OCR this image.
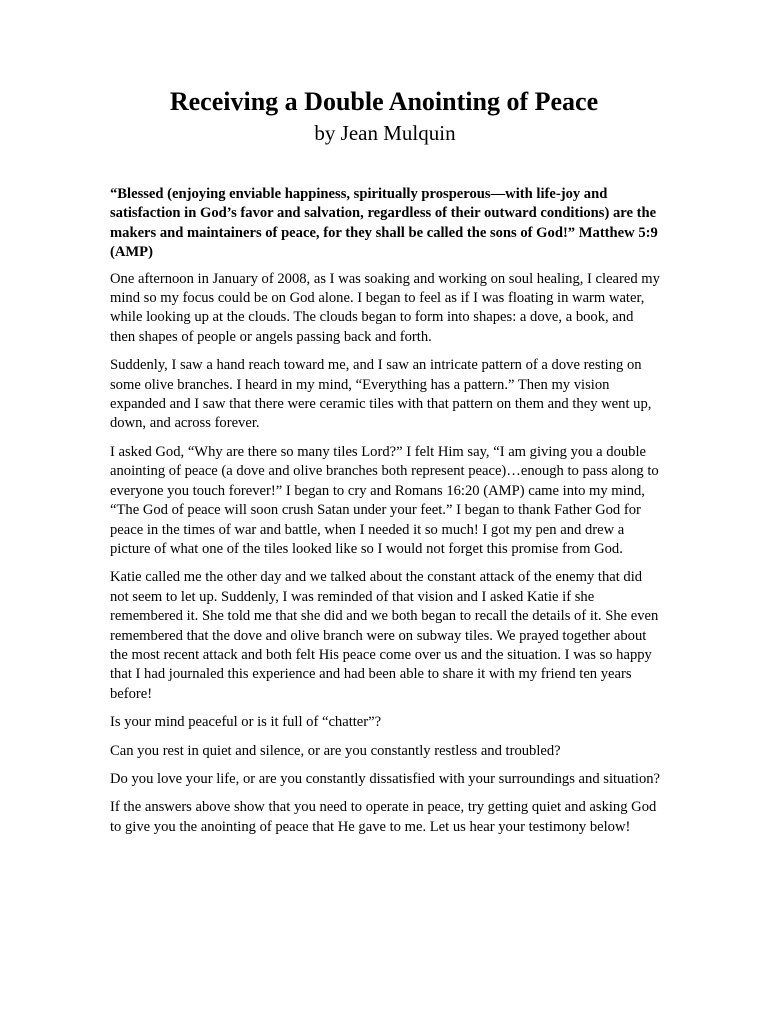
Receiving a Double Anointing of Peace
by Jean Mulquin

“Blessed (enjoying enviable happiness, spiritually prosperous—with life-joy and satisfaction in God’s favor and salvation, regardless of their outward conditions) are the makers and maintainers of peace, for they shall be called the sons of God!” Matthew 5:9 (AMP)

One afternoon in January of 2008, as I was soaking and working on soul healing, I cleared my mind so my focus could be on God alone. I began to feel as if I was floating in warm water, while looking up at the clouds. The clouds began to form into shapes: a dove, a book, and then shapes of people or angels passing back and forth.

Suddenly, I saw a hand reach toward me, and I saw an intricate pattern of a dove resting on some olive branches. I heard in my mind, “Everything has a pattern.” Then my vision expanded and I saw that there were ceramic tiles with that pattern on them and they went up, down, and across forever.

I asked God, “Why are there so many tiles Lord?” I felt Him say, “I am giving you a double anointing of peace (a dove and olive branches both represent peace)…enough to pass along to everyone you touch forever!” I began to cry and Romans 16:20 (AMP) came into my mind, “The God of peace will soon crush Satan under your feet.” I began to thank Father God for peace in the times of war and battle, when I needed it so much! I got my pen and drew a picture of what one of the tiles looked like so I would not forget this promise from God.

Katie called me the other day and we talked about the constant attack of the enemy that did not seem to let up. Suddenly, I was reminded of that vision and I asked Katie if she remembered it. She told me that she did and we both began to recall the details of it. She even remembered that the dove and olive branch were on subway tiles. We prayed together about the most recent attack and both felt His peace come over us and the situation. I was so happy that I had journaled this experience and had been able to share it with my friend ten years before!

Is your mind peaceful or is it full of “chatter”?

Can you rest in quiet and silence, or are you constantly restless and troubled?

Do you love your life, or are you constantly dissatisfied with your surroundings and situation?

If the answers above show that you need to operate in peace, try getting quiet and asking God to give you the anointing of peace that He gave to me. Let us hear your testimony below!
